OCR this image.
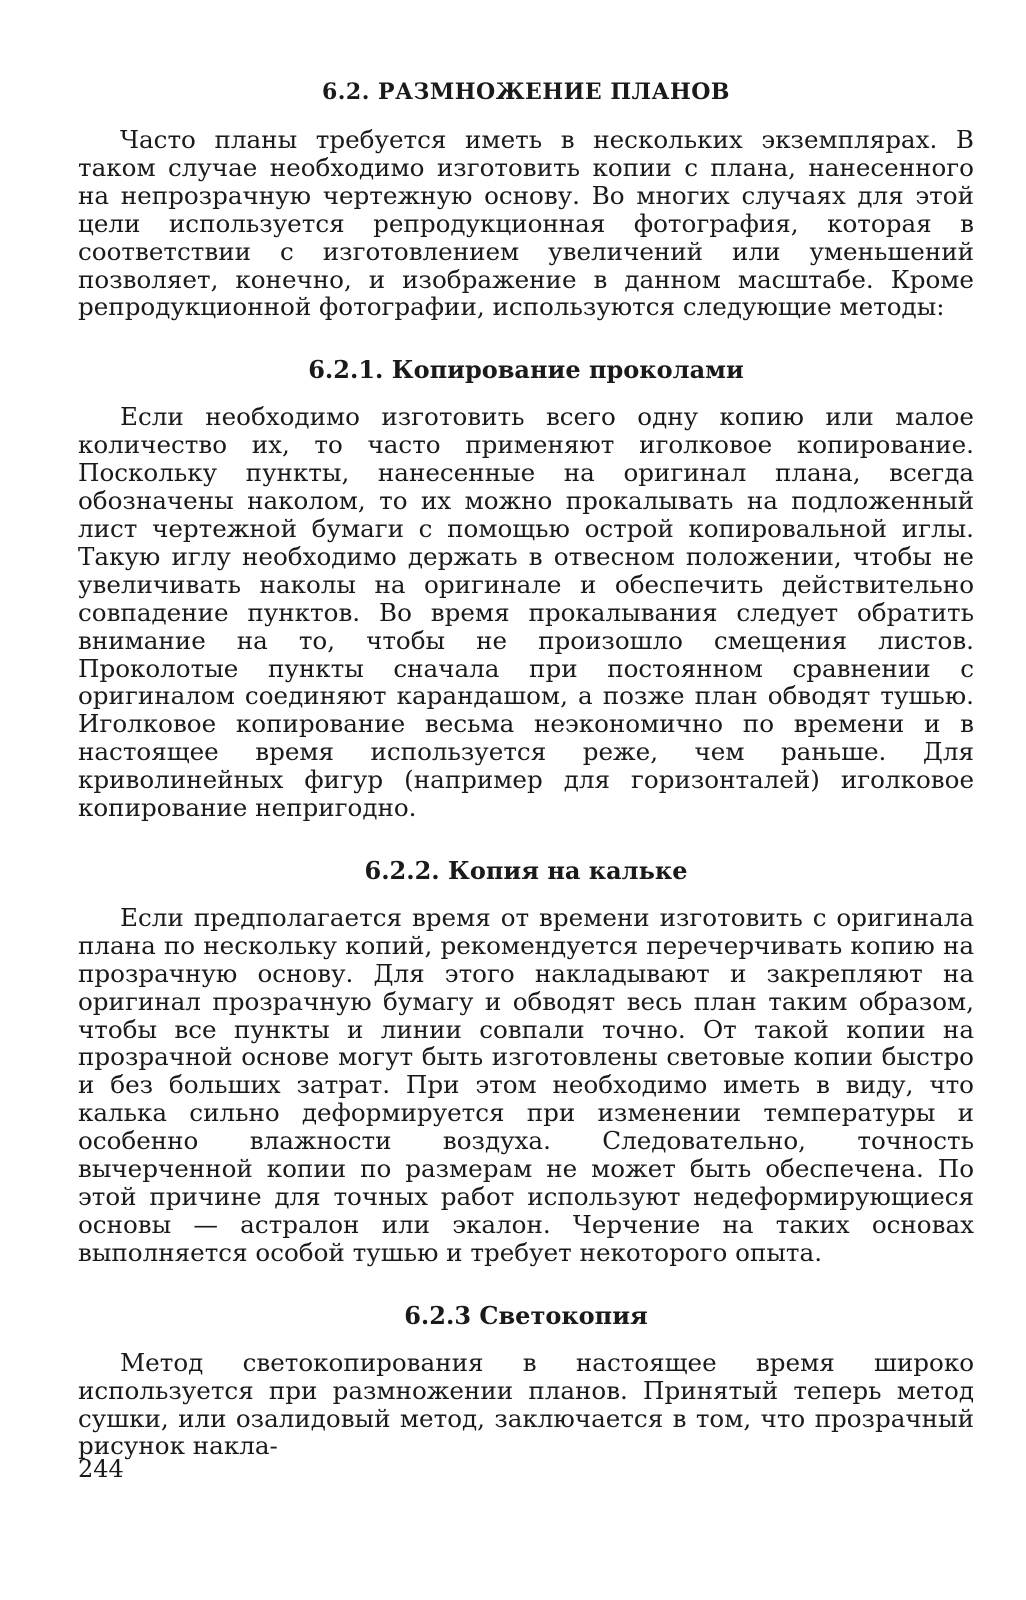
6.2. РАЗМНОЖЕНИЕ ПЛАНОВ

Часто планы требуется иметь в нескольких экземплярах. В таком случае необходимо изготовить копии с плана, нанесенного на непрозрачную чертежную основу. Во многих случаях для этой цели используется репродукционная фотография, которая в соответствии с изготовлением увеличений или уменьшений позволяет, конечно, и изображение в данном масштабе. Кроме репродукционной фотографии, используются следующие методы:

6.2.1. Копирование проколами

Если необходимо изготовить всего одну копию или малое количество их, то часто применяют иголковое копирование. Поскольку пункты, нанесенные на оригинал плана, всегда обозначены наколом, то их можно прокалывать на подложенный лист чертежной бумаги с помощью острой копировальной иглы. Такую иглу необходимо держать в отвесном положении, чтобы не увеличивать наколы на оригинале и обеспечить действительно совпадение пунктов. Во время прокалывания следует обратить внимание на то, чтобы не произошло смещения листов. Проколотые пункты сначала при постоянном сравнении с оригиналом соединяют карандашом, а позже план обводят тушью. Иголковое копирование весьма неэкономично по времени и в настоящее время используется реже, чем раньше. Для криволинейных фигур (например для горизонталей) иголковое копирование непригодно.

6.2.2. Копия на кальке

Если предполагается время от времени изготовить с оригинала плана по нескольку копий, рекомендуется перечерчивать копию на прозрачную основу. Для этого накладывают и закрепляют на оригинал прозрачную бумагу и обводят весь план таким образом, чтобы все пункты и линии совпали точно. От такой копии на прозрачной основе могут быть изготовлены световые копии быстро и без больших затрат. При этом необходимо иметь в виду, что калька сильно деформируется при изменении температуры и особенно влажности воздуха. Следовательно, точность вычерченной копии по размерам не может быть обеспечена. По этой причине для точных работ используют недеформирующиеся основы — астралон или экалон. Черчение на таких основах выполняется особой тушью и требует некоторого опыта.

6.2.3 Светокопия

Метод светокопирования в настоящее время широко используется при размножении планов. Принятый теперь метод сушки, или озалидовый метод, заключается в том, что прозрачный рисунок накла-

244
